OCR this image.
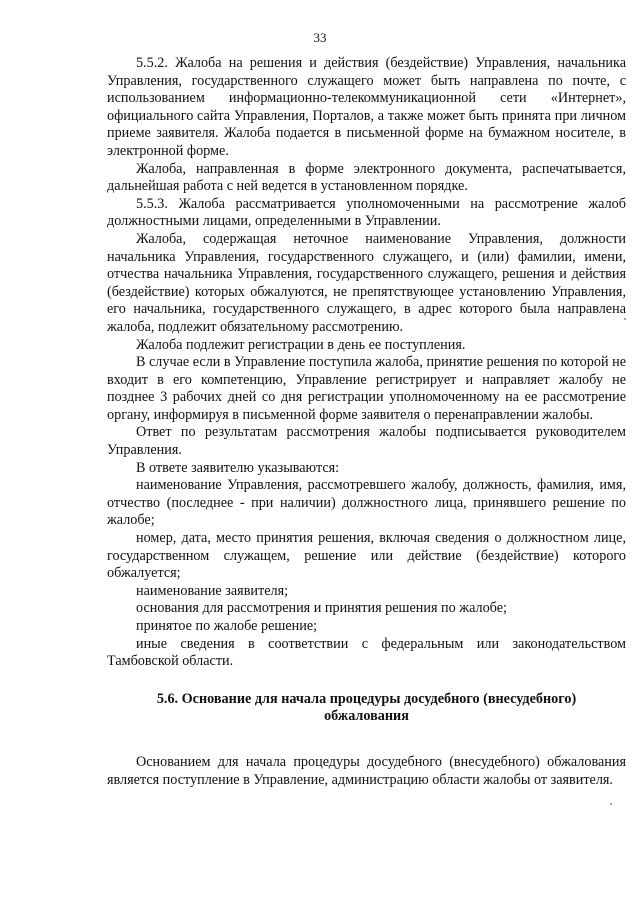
33

5.5.2. Жалоба на решения и действия (бездействие) Управления, начальника Управления, государственного служащего может быть направлена по почте, с использованием информационно-телекоммуникационной сети «Интернет», официального сайта Управления, Порталов, а также может быть принята при личном приеме заявителя. Жалоба подается в письменной форме на бумажном носителе, в электронной форме.

Жалоба, направленная в форме электронного документа, распечатывается, дальнейшая работа с ней ведется в установленном порядке.

5.5.3. Жалоба рассматривается уполномоченными на рассмотрение жалоб должностными лицами, определенными в Управлении.

Жалоба, содержащая неточное наименование Управления, должности начальника Управления, государственного служащего, и (или) фамилии, имени, отчества начальника Управления, государственного служащего, решения и действия (бездействие) которых обжалуются, не препятствующее установлению Управления, его начальника, государственного служащего, в адрес которого была направлена жалоба, подлежит обязательному рассмотрению.

Жалоба подлежит регистрации в день ее поступления.

В случае если в Управление поступила жалоба, принятие решения по которой не входит в его компетенцию, Управление регистрирует и направляет жалобу не позднее 3 рабочих дней со дня регистрации уполномоченному на ее рассмотрение органу, информируя в письменной форме заявителя о перенаправлении жалобы.

Ответ по результатам рассмотрения жалобы подписывается руководителем Управления.

В ответе заявителю указываются:

наименование Управления, рассмотревшего жалобу, должность, фамилия, имя, отчество (последнее - при наличии) должностного лица, принявшего решение по жалобе;

номер, дата, место принятия решения, включая сведения о должностном лице, государственном служащем, решение или действие (бездействие) которого обжалуется;

наименование заявителя;

основания для рассмотрения и принятия решения по жалобе;

принятое по жалобе решение;

иные сведения в соответствии с федеральным или законодательством Тамбовской области.

5.6. Основание для начала процедуры досудебного (внесудебного) обжалования

Основанием для начала процедуры досудебного (внесудебного) обжалования является поступление в Управление, администрацию области жалобы от заявителя.
